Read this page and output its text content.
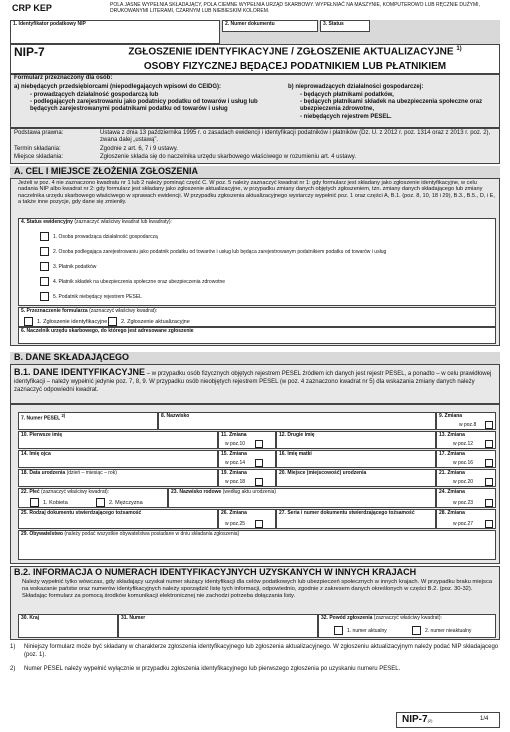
CRP KEP	POLA JASNE WYPEŁNIA SKŁADAJĄCY, POLA CIEMNE WYPEŁNIA URZĄD SKARBOWY. WYPEŁNIAĆ NA MASZYNIE, KOMPUTEROWO LUB RĘCZNIE DUŻYMI, DRUKOWANYMI LITERAMI, CZARNYM LUB NIEBIESKIM KOLOREM.
1. Identyfikator podatkowy NIP	2. Numer dokumentu	3. Status
NIP-7	ZGŁOSZENIE IDENTYFIKACYJNE / ZGŁOSZENIE AKTUALIZACYJNE $^{1)}$
OSOBY FIZYCZNEJ BĘDĄCEJ PODATNIKIEM LUB PŁATNIKIEM
Formularz przeznaczony dla osób:
a) niebędących przedsiębiorcami (niepodlegających wpisowi do CEIDG):
- prowadzących działalność gospodarczą lub
- podlegających zarejestrowaniu jako podatnicy podatku od towarów i usług lub będących zarejestrowanymi podatnikami podatku od towarów i usług
b) nieprowadzących działalności gospodarczej:
- będących płatnikami podatków,
- będących płatnikami składek na ubezpieczenia społeczne oraz ubezpieczenia zdrowotne,
- niebędących rejestrem PESEL.
Podstawa prawna:	Ustawa z dnia 13 października 1995 r. o zasadach ewidencji i identyfikacji podatników i płatników (Dz. U. z 2012 r. poz. 1314 oraz z 2013 r. poz. 2), zwana dalej „ustawą”.
Termin składania:	Zgodnie z art. 6, 7 i 9 ustawy.
Miejsce składania:	Zgłoszenie składa się do naczelnika urzędu skarbowego właściwego w rozumieniu art. 4 ustawy.
A. CEL I MIEJSCE ZŁOŻENIA ZGŁOSZENIA
Jeżeli w poz. 4 nie zaznaczono kwadratu nr 1 lub 2 należy pominąć część C. W poz. 5 należy zaznaczyć kwadrat nr 1: gdy formularz jest składany jako zgłoszenie identyfikacyjne, w celu nadania NIP albo kwadrat nr 2: gdy formularz jest składany jako zgłoszenie aktualizacyjne, w przypadku zmiany danych objętych zgłoszeniem, tzn. zmiany danych składającego lub zmiany naczelnika urzędu skarbowego właściwego w sprawach ewidencji. W przypadku zgłoszenia aktualizacyjnego wystarczy wypełnić poz. 1 oraz części A, B.1. (poz. 8, 10, 18 i 29), B.3., B.5., D, i E, a także inne pozycje, gdy dane się zmieniły.
4. Status ewidencyjny (zaznaczyć właściwy kwadrat lub kwadraty):
1. Osoba prowadząca działalność gospodarczą
2. Osoba podlegająca zarejestrowaniu jako podatnik podatku od towarów i usług lub będąca zarejestrowanym podatnikiem podatku od towarów i usług
3. Płatnik podatków
4. Płatnik składek na ubezpieczenia społeczne oraz ubezpieczenia zdrowotne
5. Podatnik niebędący rejestrem PESEL
5. Przeznaczenie formularza (zaznaczyć właściwy kwadrat):
1. Zgłoszenie identyfikacyjne	2. Zgłoszenie aktualizacyjne
6. Naczelnik urzędu skarbowego, do którego jest adresowane zgłoszenie
B. DANE SKŁADAJĄCEGO
B.1. DANE IDENTYFIKACYJNE – w przypadku osób fizycznych objętych rejestrem PESEL źródłem ich danych jest rejestr PESEL, a ponadto – w celu prawidłowej identyfikacji – należy wypełnić jedynie poz. 7, 8, 9. W przypadku osób nieobjętych rejestrem PESEL (w poz. 4 zaznaczono kwadrat nr 5) dla wskazania zmiany danych należy zaznaczyć odpowiedni kwadrat.
7. Numer PESEL $^{2)}$	8. Nazwisko	9. Zmiana
w poz.8
10. Pierwsze imię	11. Zmiana
w poz.10
12. Drugie imię	13. Zmiana
w poz.12
14. Imię ojca	15. Zmiana
w poz.14
16. Imię matki	17. Zmiana
w poz.16
18. Data urodzenia (dzień – miesiąc – rok)	19. Zmiana
w poz.18
20. Miejsce (miejscowość) urodzenia	21. Zmiana
w poz.20
22. Płeć (zaznaczyć właściwy kwadrat):
1. Kobieta	2. Mężczyzna
23. Nazwisko rodowe (według aktu urodzenia)	24. Zmiana
w poz.23
25. Rodzaj dokumentu stwierdzającego tożsamość	26. Zmiana
w poz.25
27. Seria i numer dokumentu stwierdzającego tożsamość	28. Zmiana
w poz.27
29. Obywatelstwo (należy podać wszystkie obywatelstwa posiadane w dniu składania zgłoszenia)
B.2. INFORMACJA O NUMERACH IDENTYFIKACYJNYCH UZYSKANYCH W INNYCH KRAJACH
Należy wypełnić tylko wówczas, gdy składający uzyskał numer służący identyfikacji dla celów podatkowych lub ubezpieczeń społecznych w innych krajach. W przypadku braku miejsca na wskazanie państw oraz numerów identyfikacyjnych należy sporządzić listę tych informacji, odpowiednio, zgodnie z zakresem danych określonych w części B.2. (poz. 30-32). Składając formularz za pomocą środków komunikacji elektronicznej nie zachodzi potrzeba dołączania listy.
30. Kraj	31. Numer	32. Powód zgłoszenia (zaznaczyć właściwy kwadrat):
1. numer aktualny	2. numer nieaktualny
1)	Niniejszy formularz może być składany w charakterze zgłoszenia identyfikacyjnego lub zgłoszenia aktualizacyjnego. W zgłoszeniu aktualizacyjnym należy podać NIP składającego (poz. 1).
2)	Numer PESEL należy wypełnić wyłącznie w przypadku zgłoszenia identyfikacyjnego lub pierwszego zgłoszenia po uzyskaniu numeru PESEL.
NIP-7(2)	1/4
